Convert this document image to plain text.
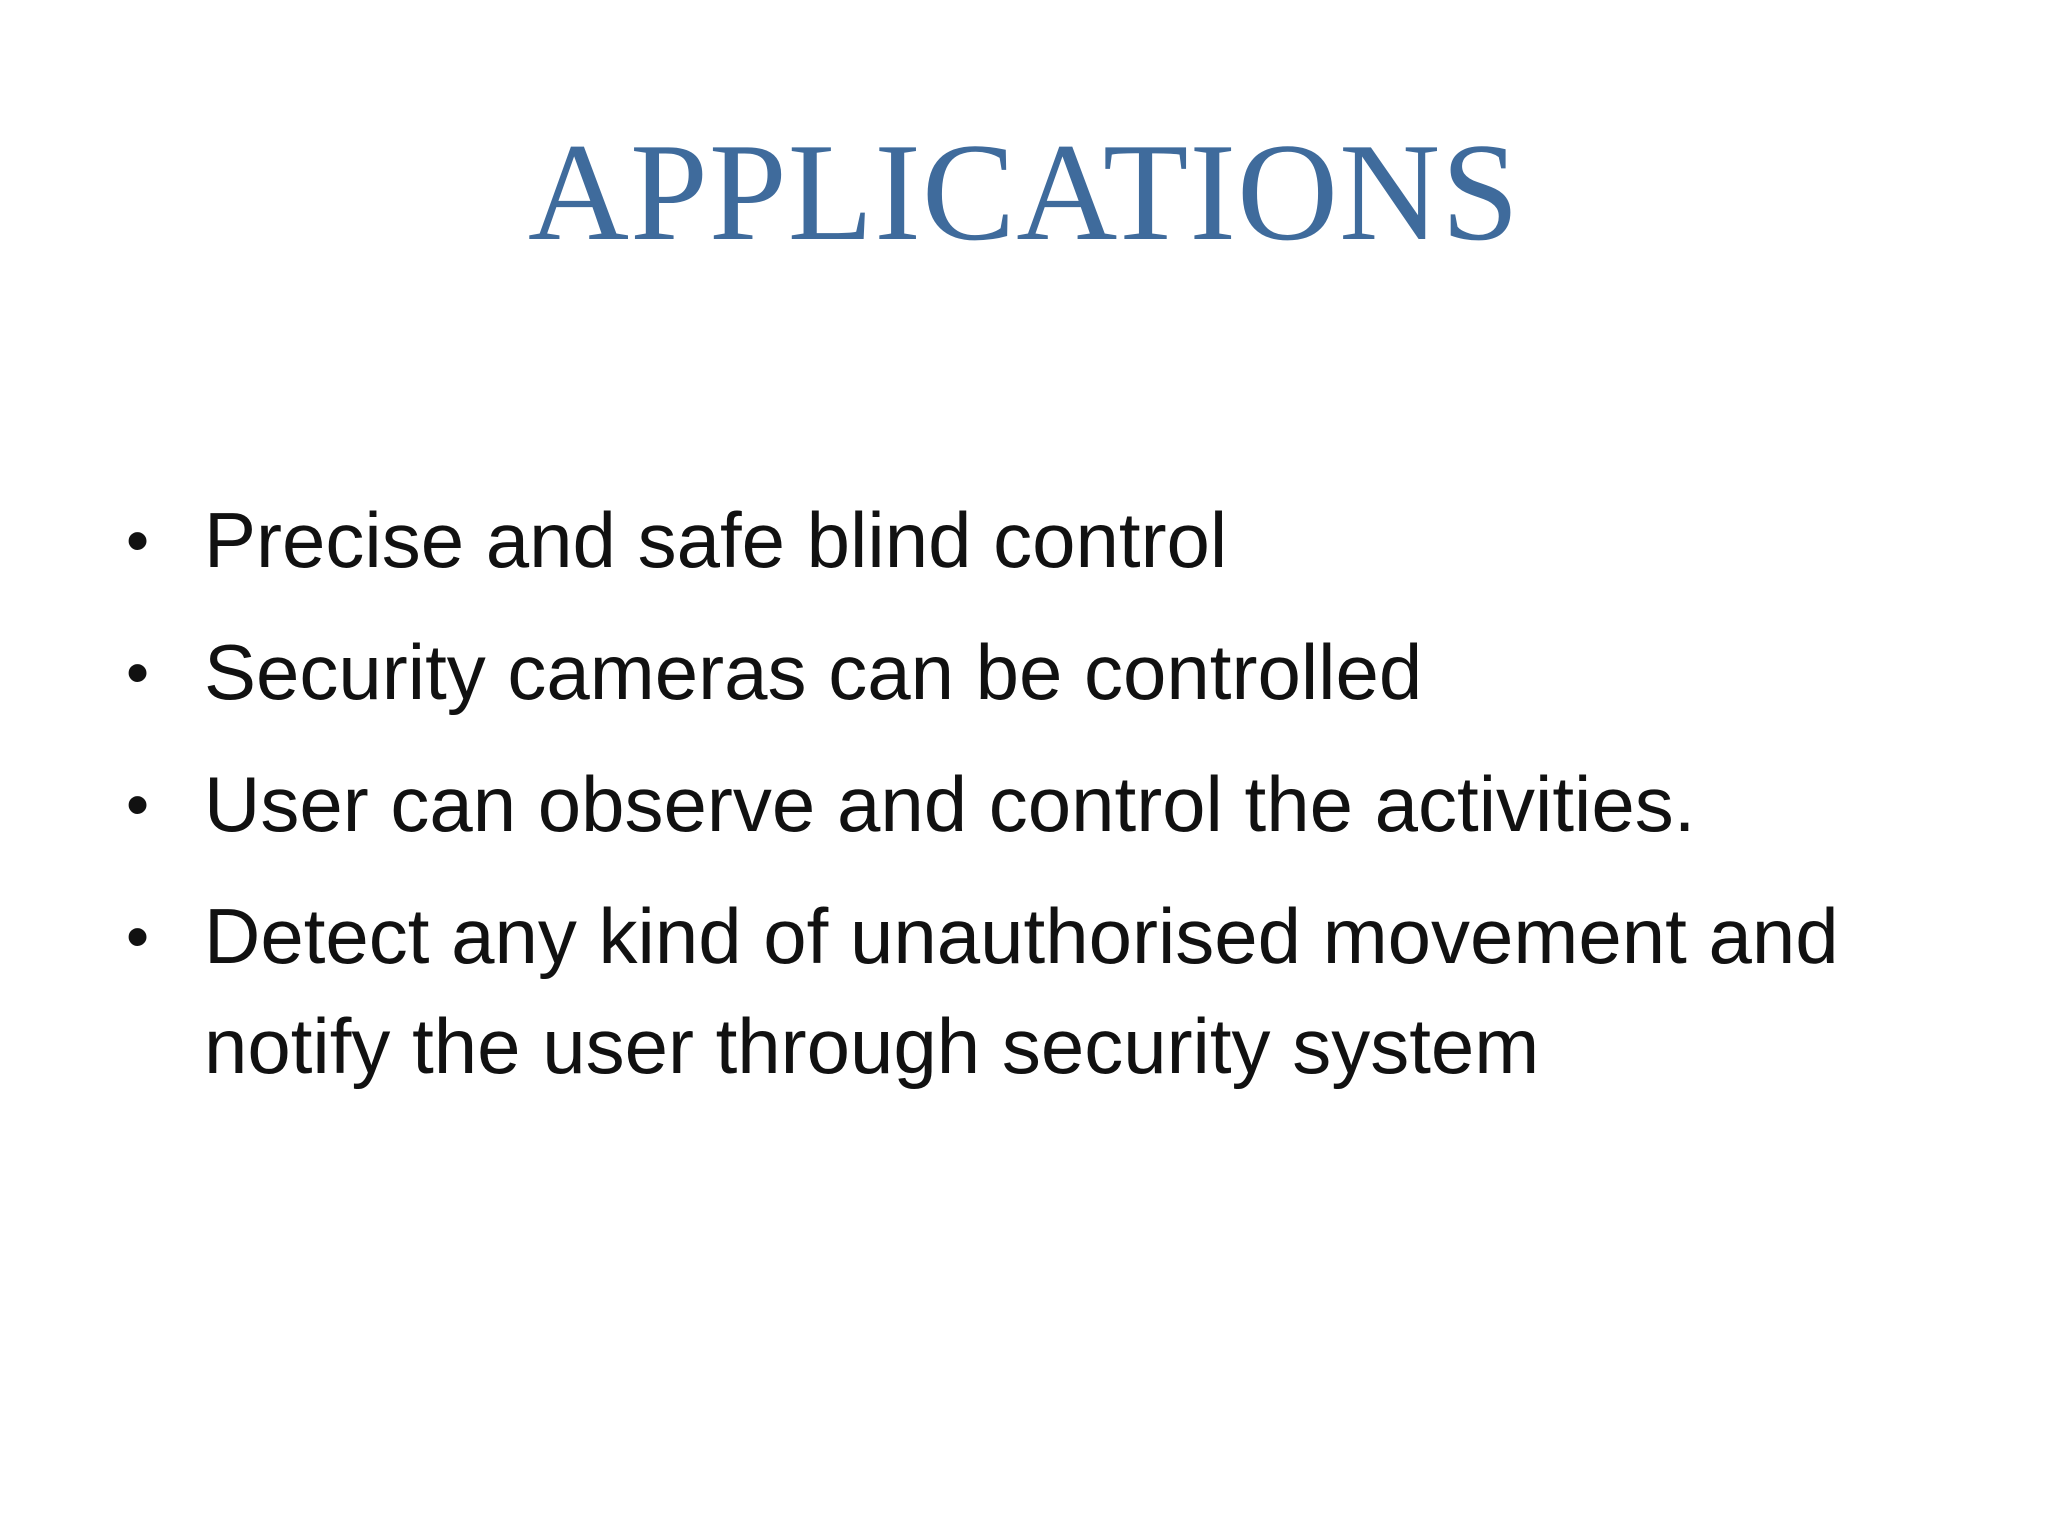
APPLICATIONS
• Precise and safe blind control
• Security cameras can be controlled
• User can observe and control the activities.
• Detect any kind of unauthorised movement and notify the user through security system
